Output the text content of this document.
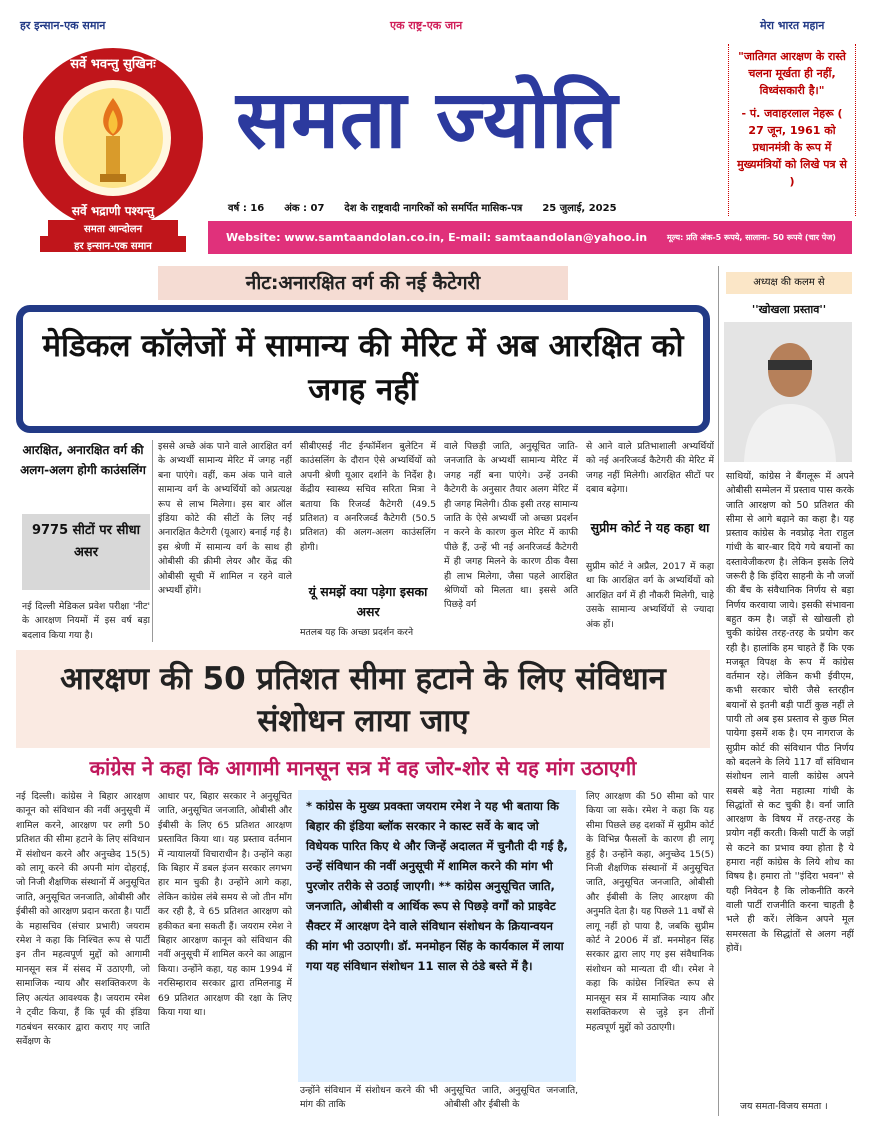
हर इन्सान-एक समान	एक राष्ट्र-एक जान	मेरा भारत महान
सर्वे भवन्तु सुखिनः
सर्वे भद्राणी पश्यन्तु
समता आन्दोलन
हर इन्सान-एक समान
समता ज्योति
वर्ष : 16 अंक : 07 देश के राष्ट्रवादी नागरिकों को समर्पित मासिक-पत्र 25 जुलाई, 2025
Website: www.samtaandolan.co.in, E-mail: samtaandolan@yahoo.in	मूल्य: प्रति अंक-5 रूपये, सालाना- 50 रूपये (चार पेज)
"जातिगत आरक्षण के रास्ते चलना मूर्खता ही नहीं, विध्वंसकारी है।"
- पं. जवाहरलाल नेहरू ( 27 जून, 1961 को प्रधानमंत्री के रूप में मुख्यमंत्रियों को लिखे पत्र से )
नीट:अनारक्षित वर्ग की नई कैटेगरी
मेडिकल कॉलेजों में सामान्य की मेरिट में अब आरक्षित को जगह नहीं
आरक्षित, अनारक्षित वर्ग की अलग-अलग होगी काउंसलिंग
9775 सीटों पर सीधा असर
नई दिल्ली मेडिकल प्रवेश परीक्षा 'नीट' के आरक्षण नियमों में इस वर्ष बड़ा बदलाव किया गया है।
इससे अच्छे अंक पाने वाले आरक्षित वर्ग के अभ्यर्थी सामान्य मेरिट में जगह नहीं बना पाएंगे। वहीं, कम अंक पाने वाले सामान्य वर्ग के अभ्यर्थियों को अप्रत्यक्ष रूप से लाभ मिलेगा। इस बार ऑल इंडिया कोटे की सीटों के लिए नई अनारक्षित कैटेगरी (यूआर) बनाई गई है। इस श्रेणी में सामान्य वर्ग के साथ ही ओबीसी की क्रीमी लेयर और केंद्र की ओबीसी सूची में शामिल न रहने वाले अभ्यर्थी होंगे।
सीबीएसई नीट ईन्फॉर्मेशन बुलेटिन में काउंसलिंग के दौरान ऐसे अभ्यर्थियों को अपनी श्रेणी यूआर दर्शाने के निर्देश है। केंद्रीय स्वास्थ्य सचिव सरिता मित्रा ने बताया कि रिजर्व्ड कैटेगरी (49.5 प्रतिशत) व अनरिजर्व्ड कैटेगरी (50.5 प्रतिशत) की अलग-अलग काउंसलिंग होगी।
यूं समझें क्या पड़ेगा इसका असर
मतलब यह कि अच्छा प्रदर्शन करने
वाले पिछड़ी जाति, अनुसूचित जाति-जनजाति के अभ्यर्थी सामान्य मेरिट में जगह नहीं बना पाएंगे। उन्हें उनकी कैटेगरी के अनुसार तैयार अलग मेरिट में ही जगह मिलेगी। ठीक इसी तरह सामान्य जाति के ऐसे अभ्यर्थी जो अच्छा प्रदर्शन न करने के कारण कुल मेरिट में काफी पीछे हैं, उन्हें भी नई अनरिजर्व्ड कैटेगरी में ही जगह मिलने के कारण ठीक वैसा ही लाभ मिलेगा, जैसा पहले आरक्षित श्रेणियों को मिलता था। इससे अति पिछड़े वर्ग
से आने वाले प्रतिभाशाली अभ्यर्थियों को नई अनरिजर्व्ड कैटेगरी की मेरिट में जगह नहीं मिलेगी। आरक्षित सीटों पर दबाव बढ़ेगा।
सुप्रीम कोर्ट ने यह कहा था
सुप्रीम कोर्ट ने अप्रैल, 2017 में कहा था कि आरक्षित वर्ग के अभ्यर्थियों को आरक्षित वर्ग में ही नौकरी मिलेगी, चाहे उसके सामान्य अभ्यर्थियों से ज्यादा अंक हों।
अध्यक्ष की कलम से
''खोखला प्रस्ताव''
साथियों, कांग्रेस ने बैंगलूरू में अपने ओबीसी सम्मेलन में प्रस्ताव पास करके जाति आरक्षण को 50 प्रतिशत की सीमा से आगे बढ़ाने का कहा है। यह प्रस्ताव कांग्रेस के नवप्रोढ़ नेता राहुल गांधी के बार-बार दिये गये बयानों का दस्तावेजीकरण है। लेकिन इसके लिये जरूरी है कि इंदिरा साहनी के नौ जजों की बैंच के संवैधानिक निर्णय से बड़ा निर्णय करवाया जाये। इसकी संभावना बहुत कम है। जड़ों से खोखली हो चुकी कांग्रेस तरह-तरह के प्रयोग कर रही है। हालांकि हम चाहते हैं कि एक मजबूत विपक्ष के रूप में कांग्रेस वर्तमान रहे। लेकिन कभी ईवीएम, कभी सरकार चोरी जैसे स्तरहीन बयानों से इतनी बड़ी पार्टी कुछ नहीं ले पायी तो अब इस प्रस्ताव से कुछ मिल पायेगा इसमें शक है। एम नागराज के सुप्रीम कोर्ट की संविधान पीठ निर्णय को बदलने के लिये 117 वाँ संविधान संशोधन लाने वाली कांग्रेस अपने सबसे बड़े नेता महात्मा गांधी के सिद्धांतों से कट चुकी है। वर्ना जाति आरक्षण के विषय में तरह-तरह के प्रयोग नहीं करती। किसी पार्टी के जड़ों से कटने का प्रभाव क्या होता है ये हमारा नहीं कांग्रेस के लिये शोध का विषय है। हमारा तो ''इंदिरा भवन'' से यही निवेदन है कि लोकनीति करने वाली पार्टी राजनीति करना चाहती है भले ही करें। लेकिन अपने मूल समरसता के सिद्धांतों से अलग नहीं होवें।
जय समता-विजय समता ।
आरक्षण की 50 प्रतिशत सीमा हटाने के लिए संविधान संशोधन लाया जाए
कांग्रेस ने कहा कि आगामी मानसून सत्र में वह जोर-शोर से यह मांग उठाएगी
नई दिल्ली। कांग्रेस ने बिहार आरक्षण कानून को संविधान की नवीं अनुसूची में शामिल करने, आरक्षण पर लगी 50 प्रतिशत की सीमा हटाने के लिए संविधान में संशोधन करने और अनुच्छेद 15(5) को लागू करने की अपनी मांग दोहराई, जो निजी शैक्षणिक संस्थानों में अनुसूचित जाति, अनुसूचित जनजाति, ओबीसी और ईबीसी को आरक्षण प्रदान करता है। पार्टी के महासचिव (संचार प्रभारी) जयराम रमेश ने कहा कि निश्चित रूप से पार्टी इन तीन महत्वपूर्ण मुद्दों को आगामी मानसून सत्र में संसद में उठाएगी, जो सामाजिक न्याय और सशक्तिकरण के लिए अत्यंत आवश्यक है। जयराम रमेश ने ट्वीट किया, हैं कि पूर्व की इंडिया गठबंधन सरकार द्वारा कराए गए जाति सर्वेक्षण के
आधार पर, बिहार सरकार ने अनुसूचित जाति, अनुसूचित जनजाति, ओबीसी और ईबीसी के लिए 65 प्रतिशत आरक्षण प्रस्तावित किया था। यह प्रस्ताव वर्तमान में न्यायालयों विचाराधीन है। उन्होंने कहा कि बिहार में डबल इंजन सरकार लगभग हार मान चुकी है। उन्होंने आगे कहा, लेकिन कांग्रेस लंबे समय से जो तीन माँग कर रही है, वे 65 प्रतिशत आरक्षण को हकीकत बना सकती हैं। जयराम रमेश ने बिहार आरक्षण कानून को संविधान की नवीं अनुसूची में शामिल करने का आह्वान किया। उन्होंने कहा, यह काम 1994 में नरसिम्हाराव सरकार द्वारा तमिलनाडु में 69 प्रतिशत आरक्षण की रक्षा के लिए किया गया था।
* कांग्रेस के मुख्य प्रवक्ता जयराम रमेश ने यह भी बताया कि बिहार की इंडिया ब्लॉक सरकार ने कास्ट सर्वे के बाद जो विधेयक पारित किए थे और जिन्हें अदालत में चुनौती दी गई है, उन्हें संविधान की नवीं अनुसूची में शामिल करने की मांग भी पुरजोर तरीके से उठाई जाएगी। ** कांग्रेस अनुसूचित जाति, जनजाति, ओबीसी व आर्थिक रूप से पिछड़े वर्गों को प्राइवेट सैक्टर में आरक्षण देने वाले संविधान संशोधन के क्रियान्वयन की मांग भी उठाएगी। डॉ. मनमोहन सिंह के कार्यकाल में लाया गया यह संविधान संशोधन 11 साल से ठंडे बस्ते में है।
उन्होंने संविधान में संशोधन करने की भी मांग की ताकि
लिए आरक्षण की 50 सीमा को पार किया जा सके। रमेश ने कहा कि यह सीमा पिछले छह दशकों में सुप्रीम कोर्ट के विभिन्न फैसलों के कारण ही लागू हुई है। उन्होंने कहा, अनुच्छेद 15(5) निजी शैक्षणिक संस्थानों में अनुसूचित जाति, अनुसूचित जनजाति, ओबीसी और ईबीसी के लिए आरक्षण की अनुमति देता है। यह पिछले 11 वर्षों से लागू नहीं हो पाया है, जबकि सुप्रीम कोर्ट ने 2006 में डॉ. मनमोहन सिंह सरकार द्वारा लाए गए इस संवैधानिक संशोधन को मान्यता दी थी। रमेश ने कहा कि कांग्रेस निश्चित रूप से मानसून सत्र में सामाजिक न्याय और सशक्तिकरण से जुड़े इन तीनों महत्वपूर्ण मुद्दों को उठाएगी।
अनुसूचित जाति, अनुसूचित जनजाति, ओबीसी और ईबीसी के
